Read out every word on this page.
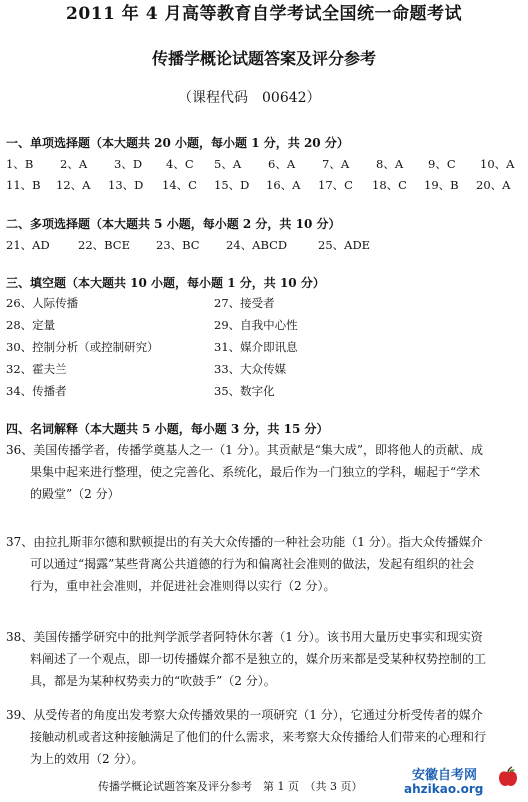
2011 年 4 月高等教育自学考试全国统一命题考试
传播学概论试题答案及评分参考
（课程代码　00642）
一、单项选择题（本大题共 20 小题，每小题 1 分，共 20 分）
1、B 2、A 3、D 4、C 5、A 6、A 7、A 8、A 9、C 10、A
11、B 12、A 13、D 14、C 15、D 16、A 17、C 18、C 19、B 20、A
二、多项选择题（本大题共 5 小题，每小题 2 分，共 10 分）
21、AD 22、BCE 23、BC 24、ABCD	25、ADE
三、填空题（本大题共 10 小题，每小题 1 分，共 10 分）
26、人际传播	27、接受者
28、定量	29、自我中心性
30、控制分析（或控制研究）	31、媒介即讯息
32、霍夫兰	33、大众传媒
34、传播者	35、数字化
四、名词解释（本大题共 5 小题，每小题 3 分，共 15 分）
36、美国传播学者，传播学奠基人之一（1 分）。其贡献是“集大成”，即将他人的贡献、成
果集中起来进行整理，使之完善化、系统化，最后作为一门独立的学科，崛起于“学术
的殿堂”（2 分）
37、由拉扎斯菲尔德和默顿提出的有关大众传播的一种社会功能（1 分）。指大众传播媒介
可以通过“揭露”某些背离公共道德的行为和偏离社会准则的做法，发起有组织的社会
行为，重申社会准则，并促进社会准则得以实行（2 分）。
38、美国传播学研究中的批判学派学者阿特休尔著（1 分）。该书用大量历史事实和现实资
料阐述了一个观点，即一切传播媒介都不是独立的，媒介历来都是受某种权势控制的工
具，都是为某种权势卖力的“吹鼓手”（2 分）。
39、从受传者的角度出发考察大众传播效果的一项研究（1 分），它通过分析受传者的媒介
接触动机或者这种接触满足了他们的什么需求，来考察大众传播给人们带来的心理和行
为上的效用（2 分）。
传播学概论试题答案及评分参考　第 1 页　（共 3 页）
安徽自考网
ahzikao.org
